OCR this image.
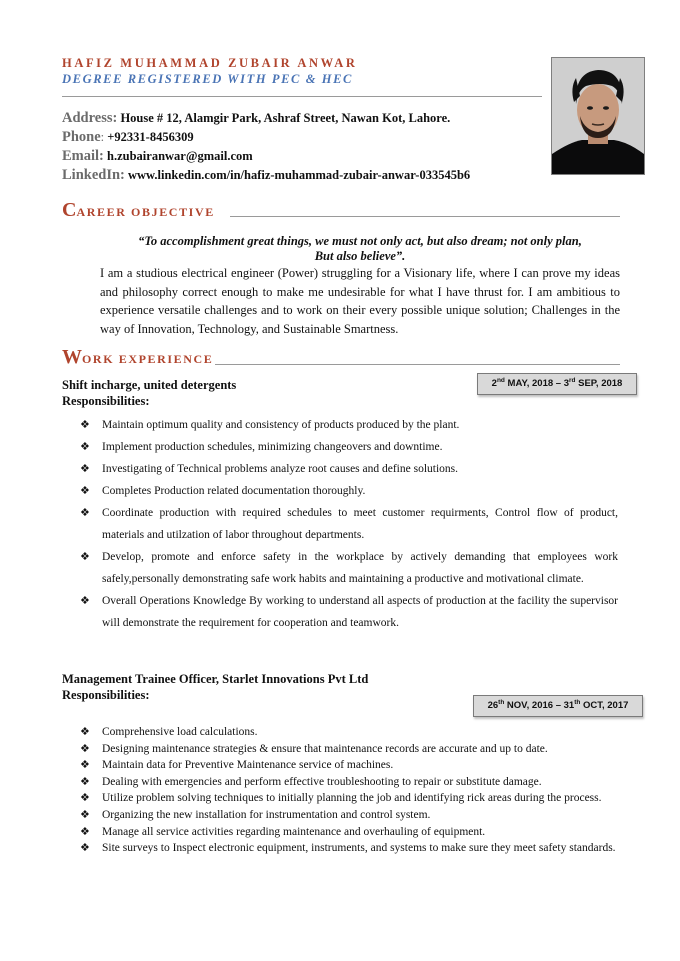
HAFIZ MUHAMMAD ZUBAIR ANWAR
DEGREE REGISTERED WITH PEC & HEC
Address: House # 12, Alamgir Park, Ashraf Street, Nawan Kot, Lahore.
Phone: +92331-8456309
Email: h.zubairanwar@gmail.com
LinkedIn: www.linkedin.com/in/hafiz-muhammad-zubair-anwar-033545b6
CAREER OBJECTIVE
“To accomplishment great things, we must not only act, but also dream; not only plan,
But also believe”.
I am a studious electrical engineer (Power) struggling for a Visionary life, where I can prove my ideas and philosophy correct enough to make me undesirable for what I have thrust for. I am ambitious to experience versatile challenges and to work on their every possible unique solution; Challenges in the way of Innovation, Technology, and Sustainable Smartness.
WORK EXPERIENCE
Shift incharge, united detergents
Responsibilities:
2nd MAY, 2018 – 3rd SEP, 2018
❖ Maintain optimum quality and consistency of products produced by the plant.
❖ Implement production schedules, minimizing changeovers and downtime.
❖ Investigating of Technical problems analyze root causes and define solutions.
❖ Completes Production related documentation thoroughly.
❖ Coordinate production with required schedules to meet customer requirments, Control flow of product, materials and utilzation of labor throughout departments.
❖ Develop, promote and enforce safety in the workplace by actively demanding that employees work safely,personally demonstrating safe work habits and maintaining a productive and motivational climate.
❖ Overall Operations Knowledge By working to understand all aspects of production at the facility the supervisor will demonstrate the requirement for cooperation and teamwork.
Management Trainee Officer, Starlet Innovations Pvt Ltd
Responsibilities:
26th NOV, 2016 – 31th OCT, 2017
❖ Comprehensive load calculations.
❖ Designing maintenance strategies & ensure that maintenance records are accurate and up to date.
❖ Maintain data for Preventive Maintenance service of machines.
❖ Dealing with emergencies and perform effective troubleshooting to repair or substitute damage.
❖ Utilize problem solving techniques to initially planning the job and identifying rick areas during the process.
❖ Organizing the new installation for instrumentation and control system.
❖ Manage all service activities regarding maintenance and overhauling of equipment.
❖ Site surveys to Inspect electronic equipment, instruments, and systems to make sure they meet safety standards.
